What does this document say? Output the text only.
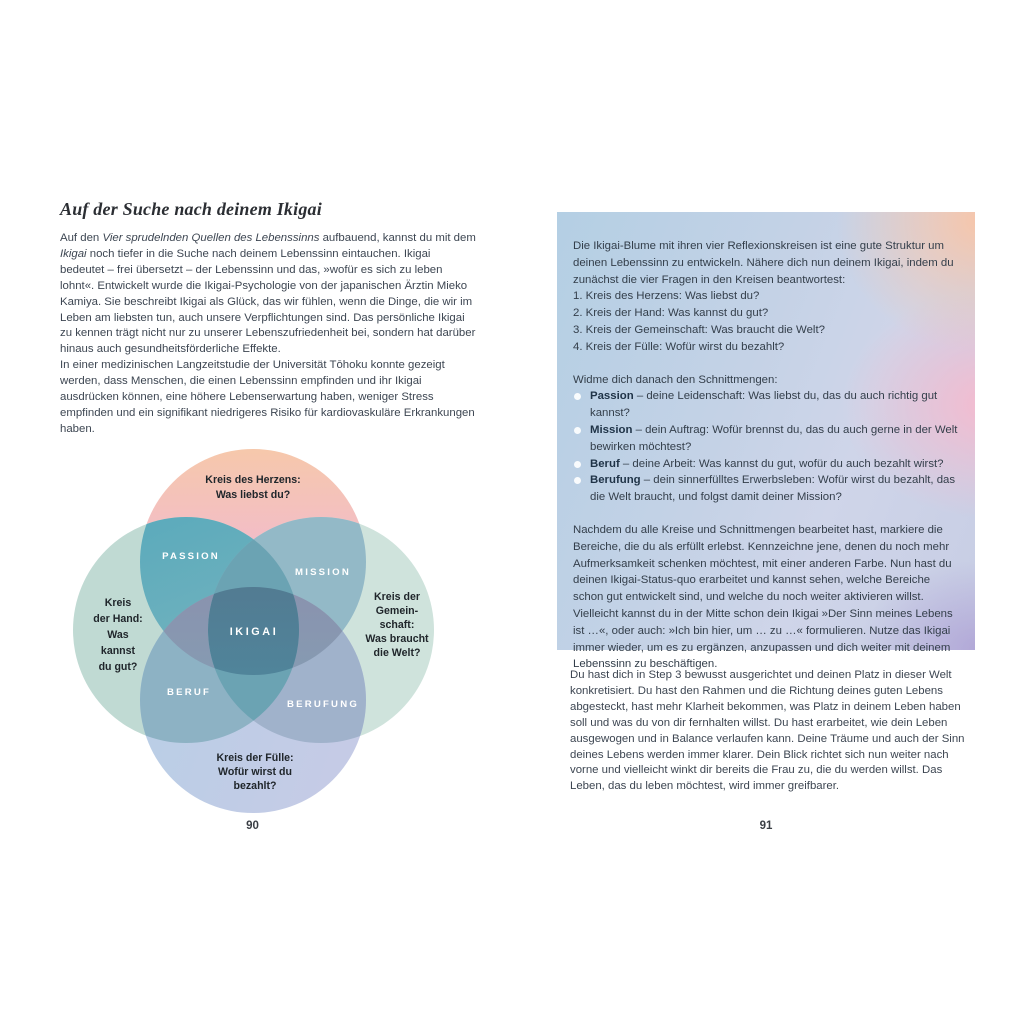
Auf der Suche nach deinem Ikigai

Auf den Vier sprudelnden Quellen des Lebenssinns aufbauend, kannst du mit dem Ikigai noch tiefer in die Suche nach deinem Lebenssinn eintauchen. Ikigai bedeutet – frei übersetzt – der Lebenssinn und das, »wofür es sich zu leben lohnt«. Entwickelt wurde die Ikigai-Psychologie von der japanischen Ärztin Mieko Kamiya. Sie beschreibt Ikigai als Glück, das wir fühlen, wenn die Dinge, die wir im Leben am liebsten tun, auch unsere Verpflichtungen sind. Das persönliche Ikigai zu kennen trägt nicht nur zu unserer Lebenszufriedenheit bei, sondern hat darüber hinaus auch gesundheitsförderliche Effekte.

In einer medizinischen Langzeitstudie der Universität Tōhoku konnte gezeigt werden, dass Menschen, die einen Lebenssinn empfinden und ihr Ikigai ausdrücken können, eine höhere Lebenserwartung haben, weniger Stress empfinden und ein signifikant niedrigeres Risiko für kardiovaskuläre Erkrankungen haben.

Kreis des Herzens:
Was liebst du?
Kreis
der Hand:
Was
kannst
du gut?
Kreis der
Gemein-
schaft:
Was braucht
die Welt?
Kreis der Fülle:
Wofür wirst du
bezahlt?
PASSION
MISSION
BERUF
BERUFUNG
IKIGAI
90

Die Ikigai-Blume mit ihren vier Reflexionskreisen ist eine gute Struktur um deinen Lebenssinn zu entwickeln. Nähere dich nun deinem Ikigai, indem du zunächst die vier Fragen in den Kreisen beantwortest:

1. Kreis des Herzens: Was liebst du?
2. Kreis der Hand: Was kannst du gut?
3. Kreis der Gemeinschaft: Was braucht die Welt?
4. Kreis der Fülle: Wofür wirst du bezahlt?

Widme dich danach den Schnittmengen:

Passion – deine Leidenschaft: Was liebst du, das du auch richtig gut kannst?
Mission – dein Auftrag: Wofür brennst du, das du auch gerne in der Welt bewirken möchtest?
Beruf – deine Arbeit: Was kannst du gut, wofür du auch bezahlt wirst?
Berufung – dein sinnerfülltes Erwerbsleben: Wofür wirst du bezahlt, das die Welt braucht, und folgst damit deiner Mission?

Nachdem du alle Kreise und Schnittmengen bearbeitet hast, markiere die Bereiche, die du als erfüllt erlebst. Kennzeichne jene, denen du noch mehr Aufmerksamkeit schenken möchtest, mit einer anderen Farbe. Nun hast du deinen Ikigai-Status-quo erarbeitet und kannst sehen, welche Bereiche schon gut entwickelt sind, und welche du noch weiter aktivieren willst. Vielleicht kannst du in der Mitte schon dein Ikigai »Der Sinn meines Lebens ist …«, oder auch: »Ich bin hier, um … zu …« formulieren. Nutze das Ikigai immer wieder, um es zu ergänzen, anzupassen und dich weiter mit deinem Lebenssinn zu beschäftigen.

Du hast dich in Step 3 bewusst ausgerichtet und deinen Platz in dieser Welt konkretisiert. Du hast den Rahmen und die Richtung deines guten Lebens abgesteckt, hast mehr Klarheit bekommen, was Platz in deinem Leben haben soll und was du von dir fernhalten willst. Du hast erarbeitet, wie dein Leben ausgewogen und in Balance verlaufen kann. Deine Träume und auch der Sinn deines Lebens werden immer klarer. Dein Blick richtet sich nun weiter nach vorne und vielleicht winkt dir bereits die Frau zu, die du werden willst. Das Leben, das du leben möchtest, wird immer greifbarer.

91
